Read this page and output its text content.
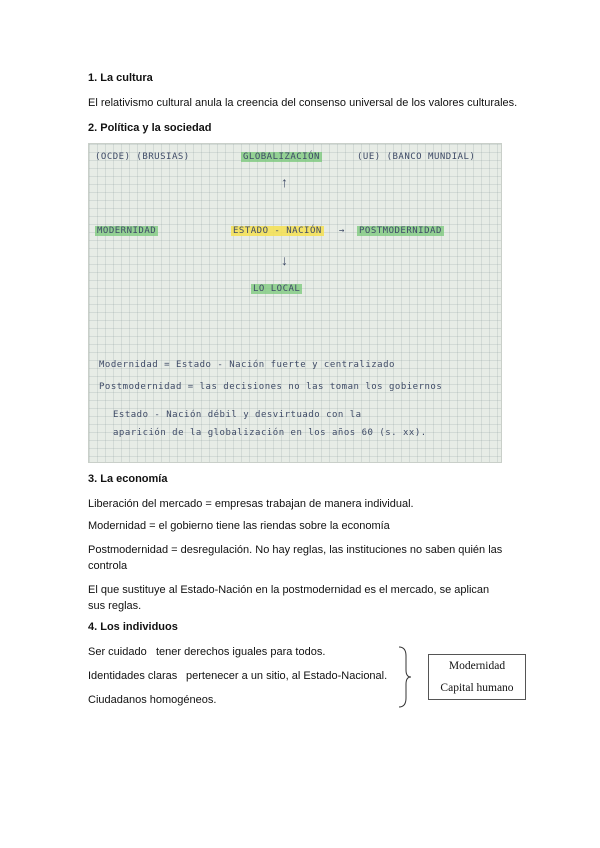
1. La cultura
El relativismo cultural anula la creencia del consenso universal de los valores culturales.
2. Política y la sociedad
(OCDE) (BRUSIAS)	GLOBALIZACIÓN	(UE) (BANCO MUNDIAL)
↑
MODERNIDAD	ESTADO - NACIÓN → POSTMODERNIDAD
↓
LO LOCAL
Modernidad = Estado - Nación fuerte y centralizado
Postmodernidad = las decisiones no las toman los gobiernos
Estado - Nación débil y desvirtuado con la
aparición de la globalización en los años 60 (s. xx).
3. La economía
Liberación del mercado = empresas trabajan de manera individual.
Modernidad = el gobierno tiene las riendas sobre la economía
Postmodernidad = desregulación. No hay reglas, las instituciones no saben quién las controla
El que sustituye al Estado-Nación en la postmodernidad es el mercado, se aplican sus reglas.
4. Los individuos
Ser cuidado tener derechos iguales para todos.
Identidades claras pertenecer a un sitio, al Estado-Nacional.
Ciudadanos homogéneos.
Modernidad
Capital humano
